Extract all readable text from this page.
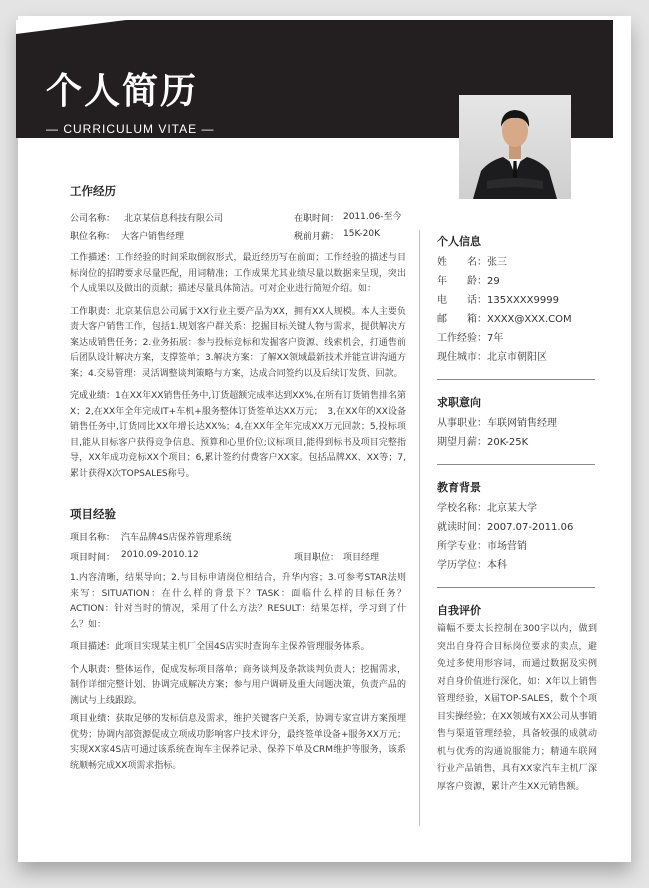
个人简历
— CURRICULUM VITAE —
工作经历
公司名称： 北京某信息科技有限公司	在职时间： 2011.06-至今
职位名称： 大客户销售经理	税前月薪： 15K-20K

工作描述：工作经验的时间采取倒叙形式，最近经历写在前面；工作经验的描述与目标岗位的招聘要求尽量匹配，用词精准；工作成果尤其业绩尽量以数据来呈现，突出个人成果以及做出的贡献；描述尽量具体简洁。可对企业进行简短介绍。如：

工作职责：北京某信息公司属于XX行业主要产品为XX，拥有XX人规模。本人主要负责大客户销售工作，包括1.规划客户群关系：挖掘目标关键人物与需求，提供解决方案达成销售任务；2.业务拓展：参与投标竞标和发掘客户资源、线索机会，打通售前后团队设计解决方案，支撑签单；3.解决方案：了解XX领域最新技术并能宣讲沟通方案；4.交易管理：灵活调整谈判策略与方案，达成合同签约以及后续订发货、回款。

完成业绩：1在XX年XX销售任务中,订货超额完成率达到XX%,在所有订货销售排名第X；2,在XX年全年完成IT+车机+服务整体订货签单达XX万元；　3,在XX年的XX设备销售任务中,订货同比XX年增长达XX%；4,在XX年全年完成XX万元回款；5,投标项目,能从目标客户获得竞争信息、预算和心里价位;议标项目,能得到标书及项目完整指导，XX年成功竞标XX个项目；6,累计签约付费客户XX家。包括品牌XX、XX等；7,累计获得X次TOPSALES称号。

项目经验
项目名称： 汽车品牌4S店保养管理系统
项目时间： 2010.09-2010.12	项目职位： 项目经理

1.内容清晰，结果导向；2.与目标申请岗位相结合，升华内容；3.可参考STAR法则来写：SITUATION：在什么样的背景下？TASK：面临什么样的目标任务？ACTION：针对当时的情况，采用了什么方法？RESULT：结果怎样，学习到了什么？如：

项目描述：此项目实现某主机厂全国4S店实时查询车主保养管理服务体系。

个人职责：整体运作，促成发标项目落单；商务谈判及条款谈判负责人；挖掘需求，制作详细完整计划、协调完成解决方案；参与用户调研及重大问题决策，负责产品的测试与上线跟踪。

项目业绩：获取足够的发标信息及需求，维护关键客户关系，协调专家宣讲方案预埋优势；协调内部资源促成立项成功影响客户技术评分，最终签单设备+服务XX万元；实现XX家4S店可通过该系统查询车主保养记录、保养下单及CRM维护等服务，该系统顺畅完成XX项需求指标。

个人信息
姓　　名：张三
年　　龄：29
电　　话：135XXXX9999
邮　　箱：XXXX@XXX.COM
工作经验：7年
现住城市：北京市朝阳区
求职意向
从事职业：车联网销售经理
期望月薪：20K-25K
教育背景
学校名称：北京某大学
就读时间：2007.07-2011.06
所学专业：市场营销
学历学位：本科
自我评价

篇幅不要太长控制在300字以内，做到突出自身符合目标岗位要求的卖点，避免过多使用形容词，而通过数据及实例对自身价值进行深化，如：X年以上销售管理经验，X届TOP-SALES，数个个项目实操经验；在XX领域有XX公司从事销售与渠道管理经验，具备较强的成就动机与优秀的沟通说服能力；精通车联网行业产品销售，具有XX家汽车主机厂深厚客户资源，累计产生XX元销售额。
